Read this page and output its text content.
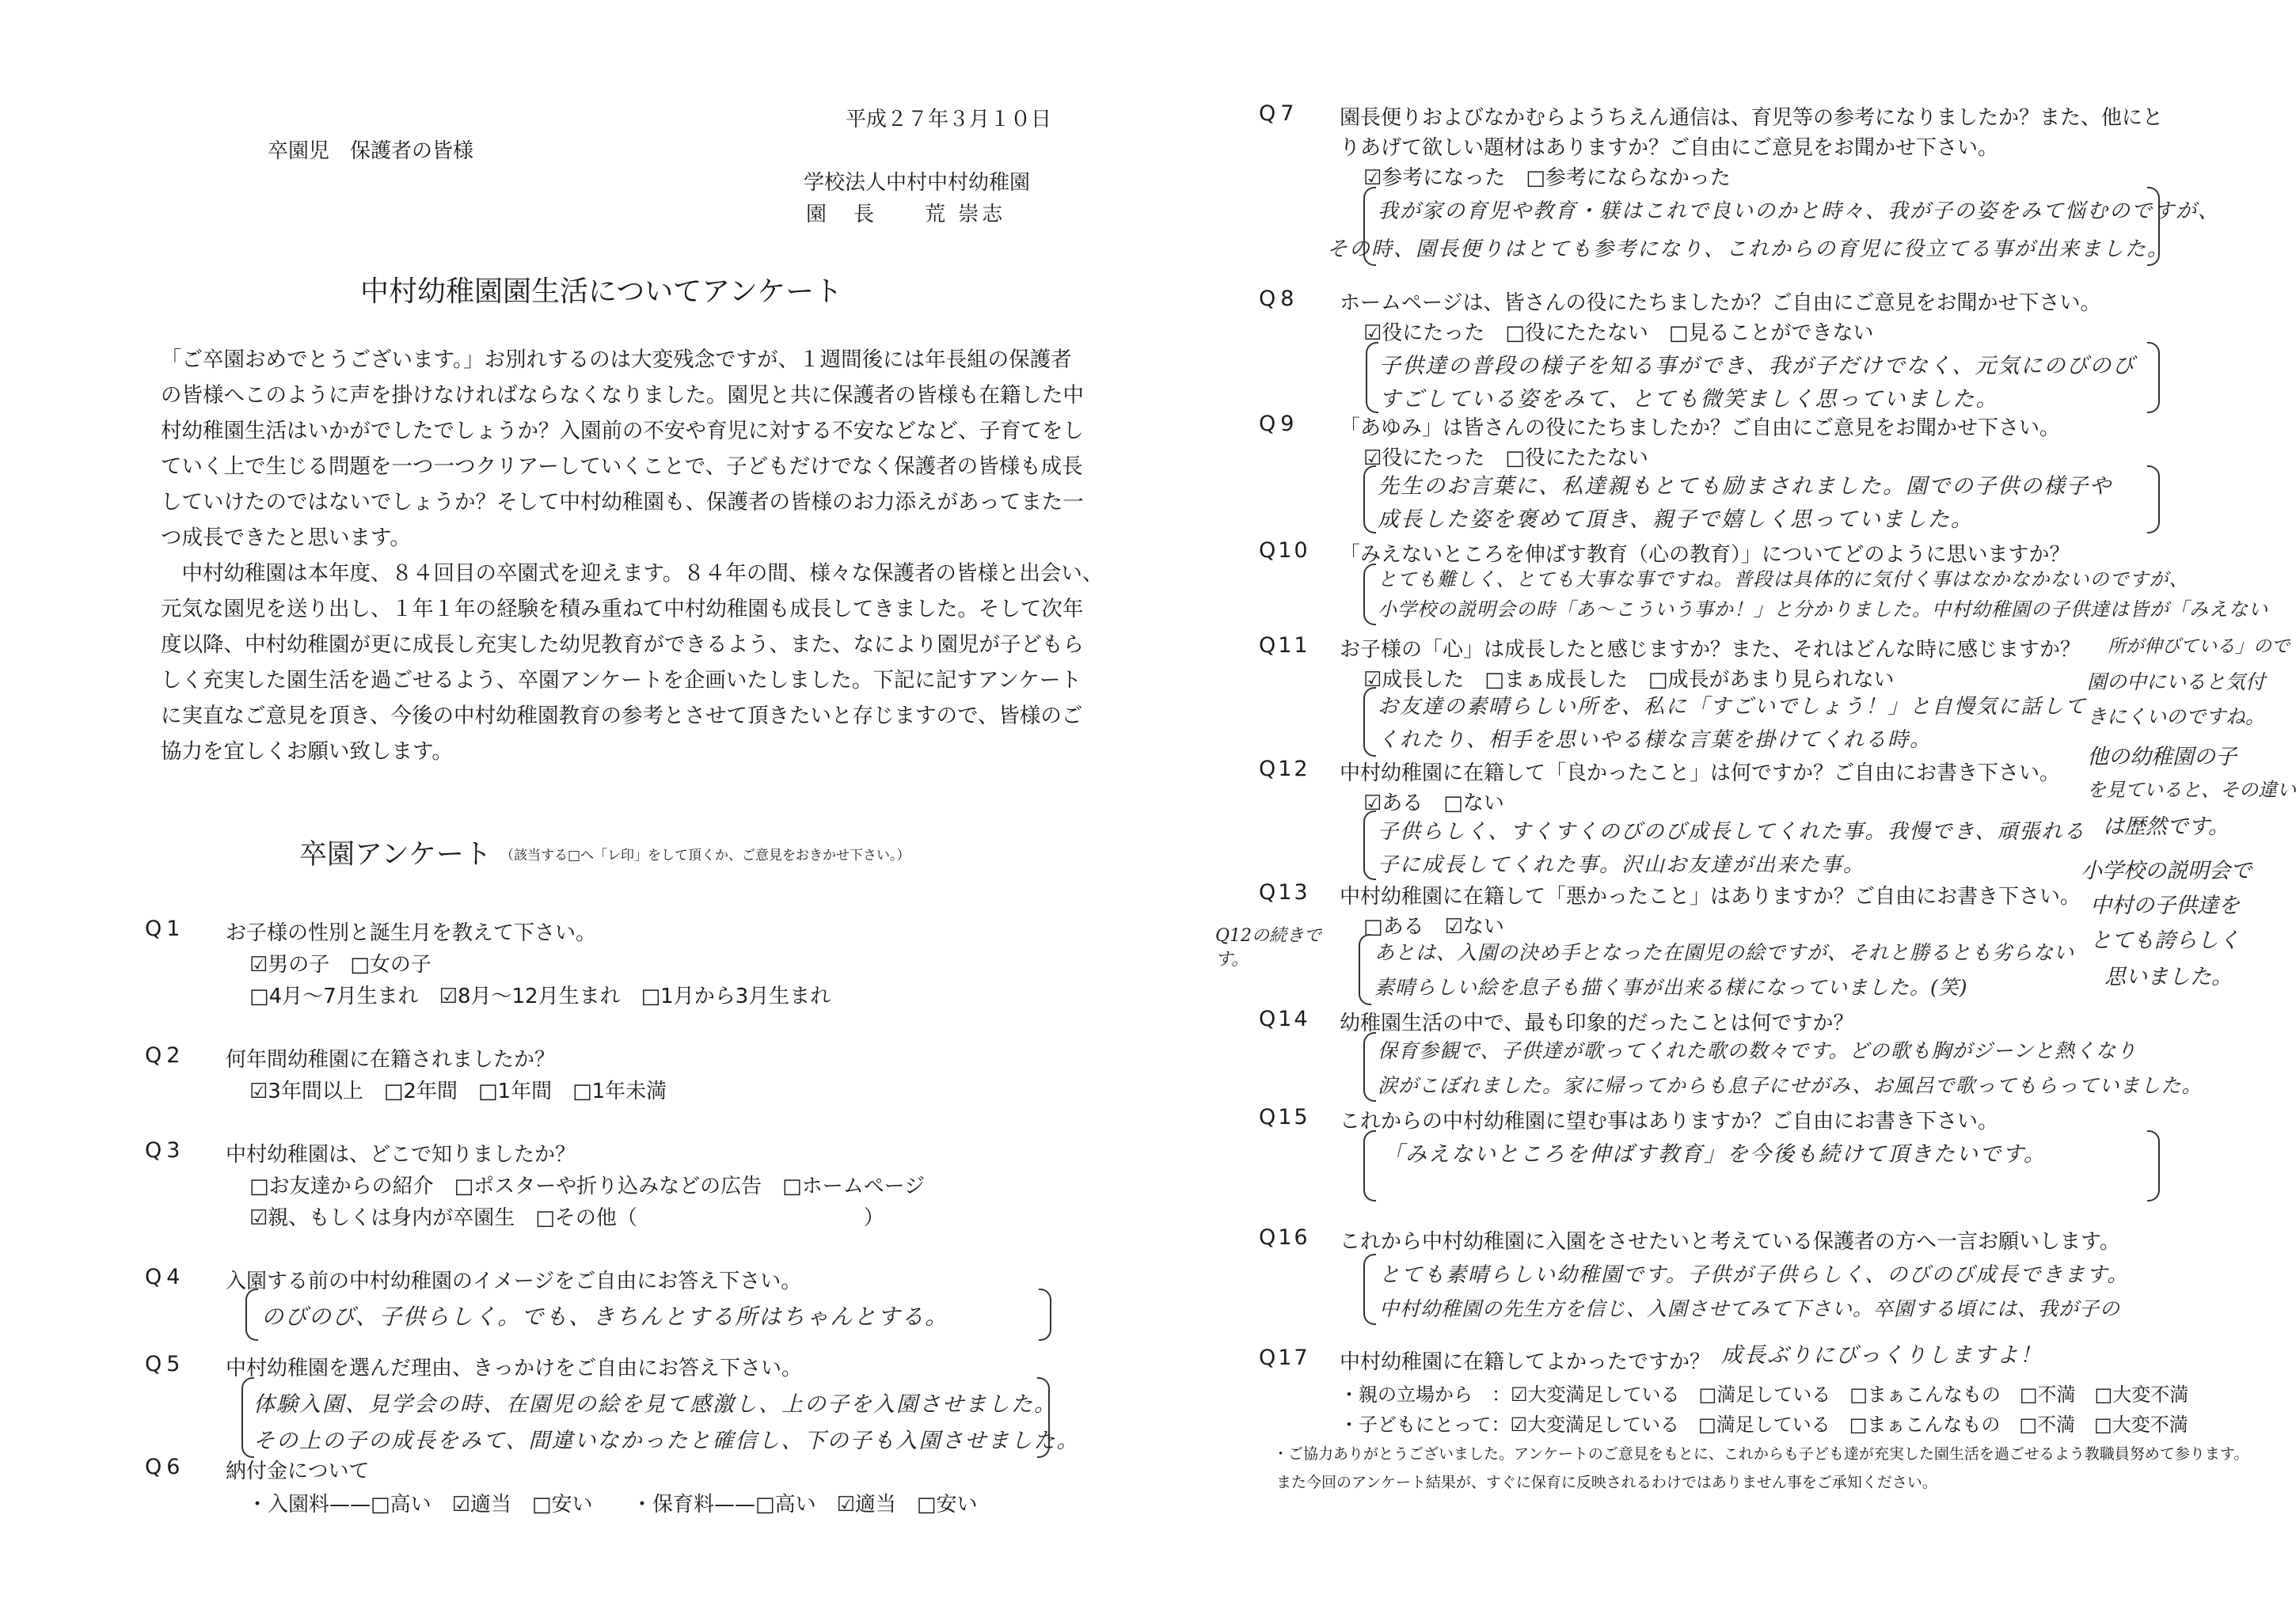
平成２７年３月１０日
卒園児　保護者の皆様
学校法人中村中村幼稚園
園　長　　荒 崇志
中村幼稚園園生活についてアンケート

「ご卒園おめでとうございます。」お別れするのは大変残念ですが、１週間後には年長組の保護者

の皆様へこのように声を掛けなければならなくなりました。園児と共に保護者の皆様も在籍した中

村幼稚園生活はいかがでしたでしょうか？入園前の不安や育児に対する不安などなど、子育てをし

ていく上で生じる問題を一つ一つクリアーしていくことで、子どもだけでなく保護者の皆様も成長

していけたのではないでしょうか？そして中村幼稚園も、保護者の皆様のお力添えがあってまた一

つ成長できたと思います。

　中村幼稚園は本年度、８４回目の卒園式を迎えます。８４年の間、様々な保護者の皆様と出会い、

元気な園児を送り出し、１年１年の経験を積み重ねて中村幼稚園も成長してきました。そして次年

度以降、中村幼稚園が更に成長し充実した幼児教育ができるよう、また、なにより園児が子どもら

しく充実した園生活を過ごせるよう、卒園アンケートを企画いたしました。下記に記すアンケート

に実直なご意見を頂き、今後の中村幼稚園教育の参考とさせて頂きたいと存じますので、皆様のご

協力を宜しくお願い致します。

卒園アンケート （該当する□へ「レ印」をして頂くか、ご意見をおきかせ下さい。）
Q1 お子様の性別と誕生月を教えて下さい。
☑男の子　□女の子
□4月～7月生まれ　☑8月～12月生まれ　□1月から3月生まれ
Q2 何年間幼稚園に在籍されましたか？
☑3年間以上　□2年間　□1年間　□1年未満
Q3 中村幼稚園は、どこで知りましたか？
□お友達からの紹介　□ポスターや折り込みなどの広告　□ホームページ
☑親、もしくは身内が卒園生　□その他（　　　　　　　　　　　）
Q4 入園する前の中村幼稚園のイメージをご自由にお答え下さい。
のびのび、子供らしく。でも、きちんとする所はちゃんとする。
Q5 中村幼稚園を選んだ理由、きっかけをご自由にお答え下さい。
体験入園、見学会の時、在園児の絵を見て感激し、上の子を入園させました。
その上の子の成長をみて、間違いなかったと確信し、下の子も入園させました。
Q6 納付金について
・入園料——□高い　☑適当　□安い ・保育料——□高い　☑適当　□安い
Q7 園長便りおよびなかむらようちえん通信は、育児等の参考になりましたか？また、他にと
りあげて欲しい題材はありますか？ご自由にご意見をお聞かせ下さい。
☑参考になった　□参考にならなかった
我が家の育児や教育・躾はこれで良いのかと時々、我が子の姿をみて悩むのですが、
その時、園長便りはとても参考になり、これからの育児に役立てる事が出来ました。
Q8 ホームページは、皆さんの役にたちましたか？ご自由にご意見をお聞かせ下さい。
☑役にたった　□役にたたない　□見ることができない
子供達の普段の様子を知る事ができ、我が子だけでなく、元気にのびのび
すごしている姿をみて、とても微笑ましく思っていました。
Q9 「あゆみ」は皆さんの役にたちましたか？ご自由にご意見をお聞かせ下さい。
☑役にたった　□役にたたない
先生のお言葉に、私達親もとても励まされました。園での子供の様子や
成長した姿を褒めて頂き、親子で嬉しく思っていました。
Q10 「みえないところを伸ばす教育（心の教育）」についてどのように思いますか？
とても難しく、とても大事な事ですね。普段は具体的に気付く事はなかなかないのですが、
小学校の説明会の時「あ～こういう事か！」と分かりました。中村幼稚園の子供達は皆が「みえない
Q11 お子様の「心」は成長したと感じますか？また、それはどんな時に感じますか？
☑成長した　□まぁ成長した　□成長があまり見られない
お友達の素晴らしい所を、私に「すごいでしょう！」と自慢気に話して
くれたり、相手を思いやる様な言葉を掛けてくれる時。
所が伸びている」ので
園の中にいると気付
きにくいのですね。
他の幼稚園の子
を見ていると、その違い
は歴然です。
小学校の説明会で
中村の子供達を
とても誇らしく
思いました。
Q12 中村幼稚園に在籍して「良かったこと」は何ですか？ご自由にお書き下さい。
☑ある　□ない
子供らしく、すくすくのびのび成長してくれた事。我慢でき、頑張れる
子に成長してくれた事。沢山お友達が出来た事。
Q13 中村幼稚園に在籍して「悪かったこと」はありますか？ご自由にお書き下さい。
□ある　☑ない
Q12の続きです。	あとは、入園の決め手となった在園児の絵ですが、それと勝るとも劣らない
素晴らしい絵を息子も描く事が出来る様になっていました。(笑)
Q14 幼稚園生活の中で、最も印象的だったことは何ですか？
保育参観で、子供達が歌ってくれた歌の数々です。どの歌も胸がジーンと熱くなり
涙がこぼれました。家に帰ってからも息子にせがみ、お風呂で歌ってもらっていました。
Q15 これからの中村幼稚園に望む事はありますか？ご自由にお書き下さい。
「みえないところを伸ばす教育」を今後も続けて頂きたいです。
Q16 これから中村幼稚園に入園をさせたいと考えている保護者の方へ一言お願いします。
とても素晴らしい幼稚園です。子供が子供らしく、のびのび成長できます。
中村幼稚園の先生方を信じ、入園させてみて下さい。卒園する頃には、我が子の
Q17 中村幼稚園に在籍してよかったですか？ 成長ぶりにびっくりしますよ！
・親の立場から　：☑大変満足している　□満足している　□まぁこんなもの　□不満　□大変不満
・子どもにとって：☑大変満足している　□満足している　□まぁこんなもの　□不満　□大変不満
・ご協力ありがとうございました。アンケートのご意見をもとに、これからも子ども達が充実した園生活を過ごせるよう教職員努めて参ります。
また今回のアンケート結果が、すぐに保育に反映されるわけではありません事をご承知ください。
